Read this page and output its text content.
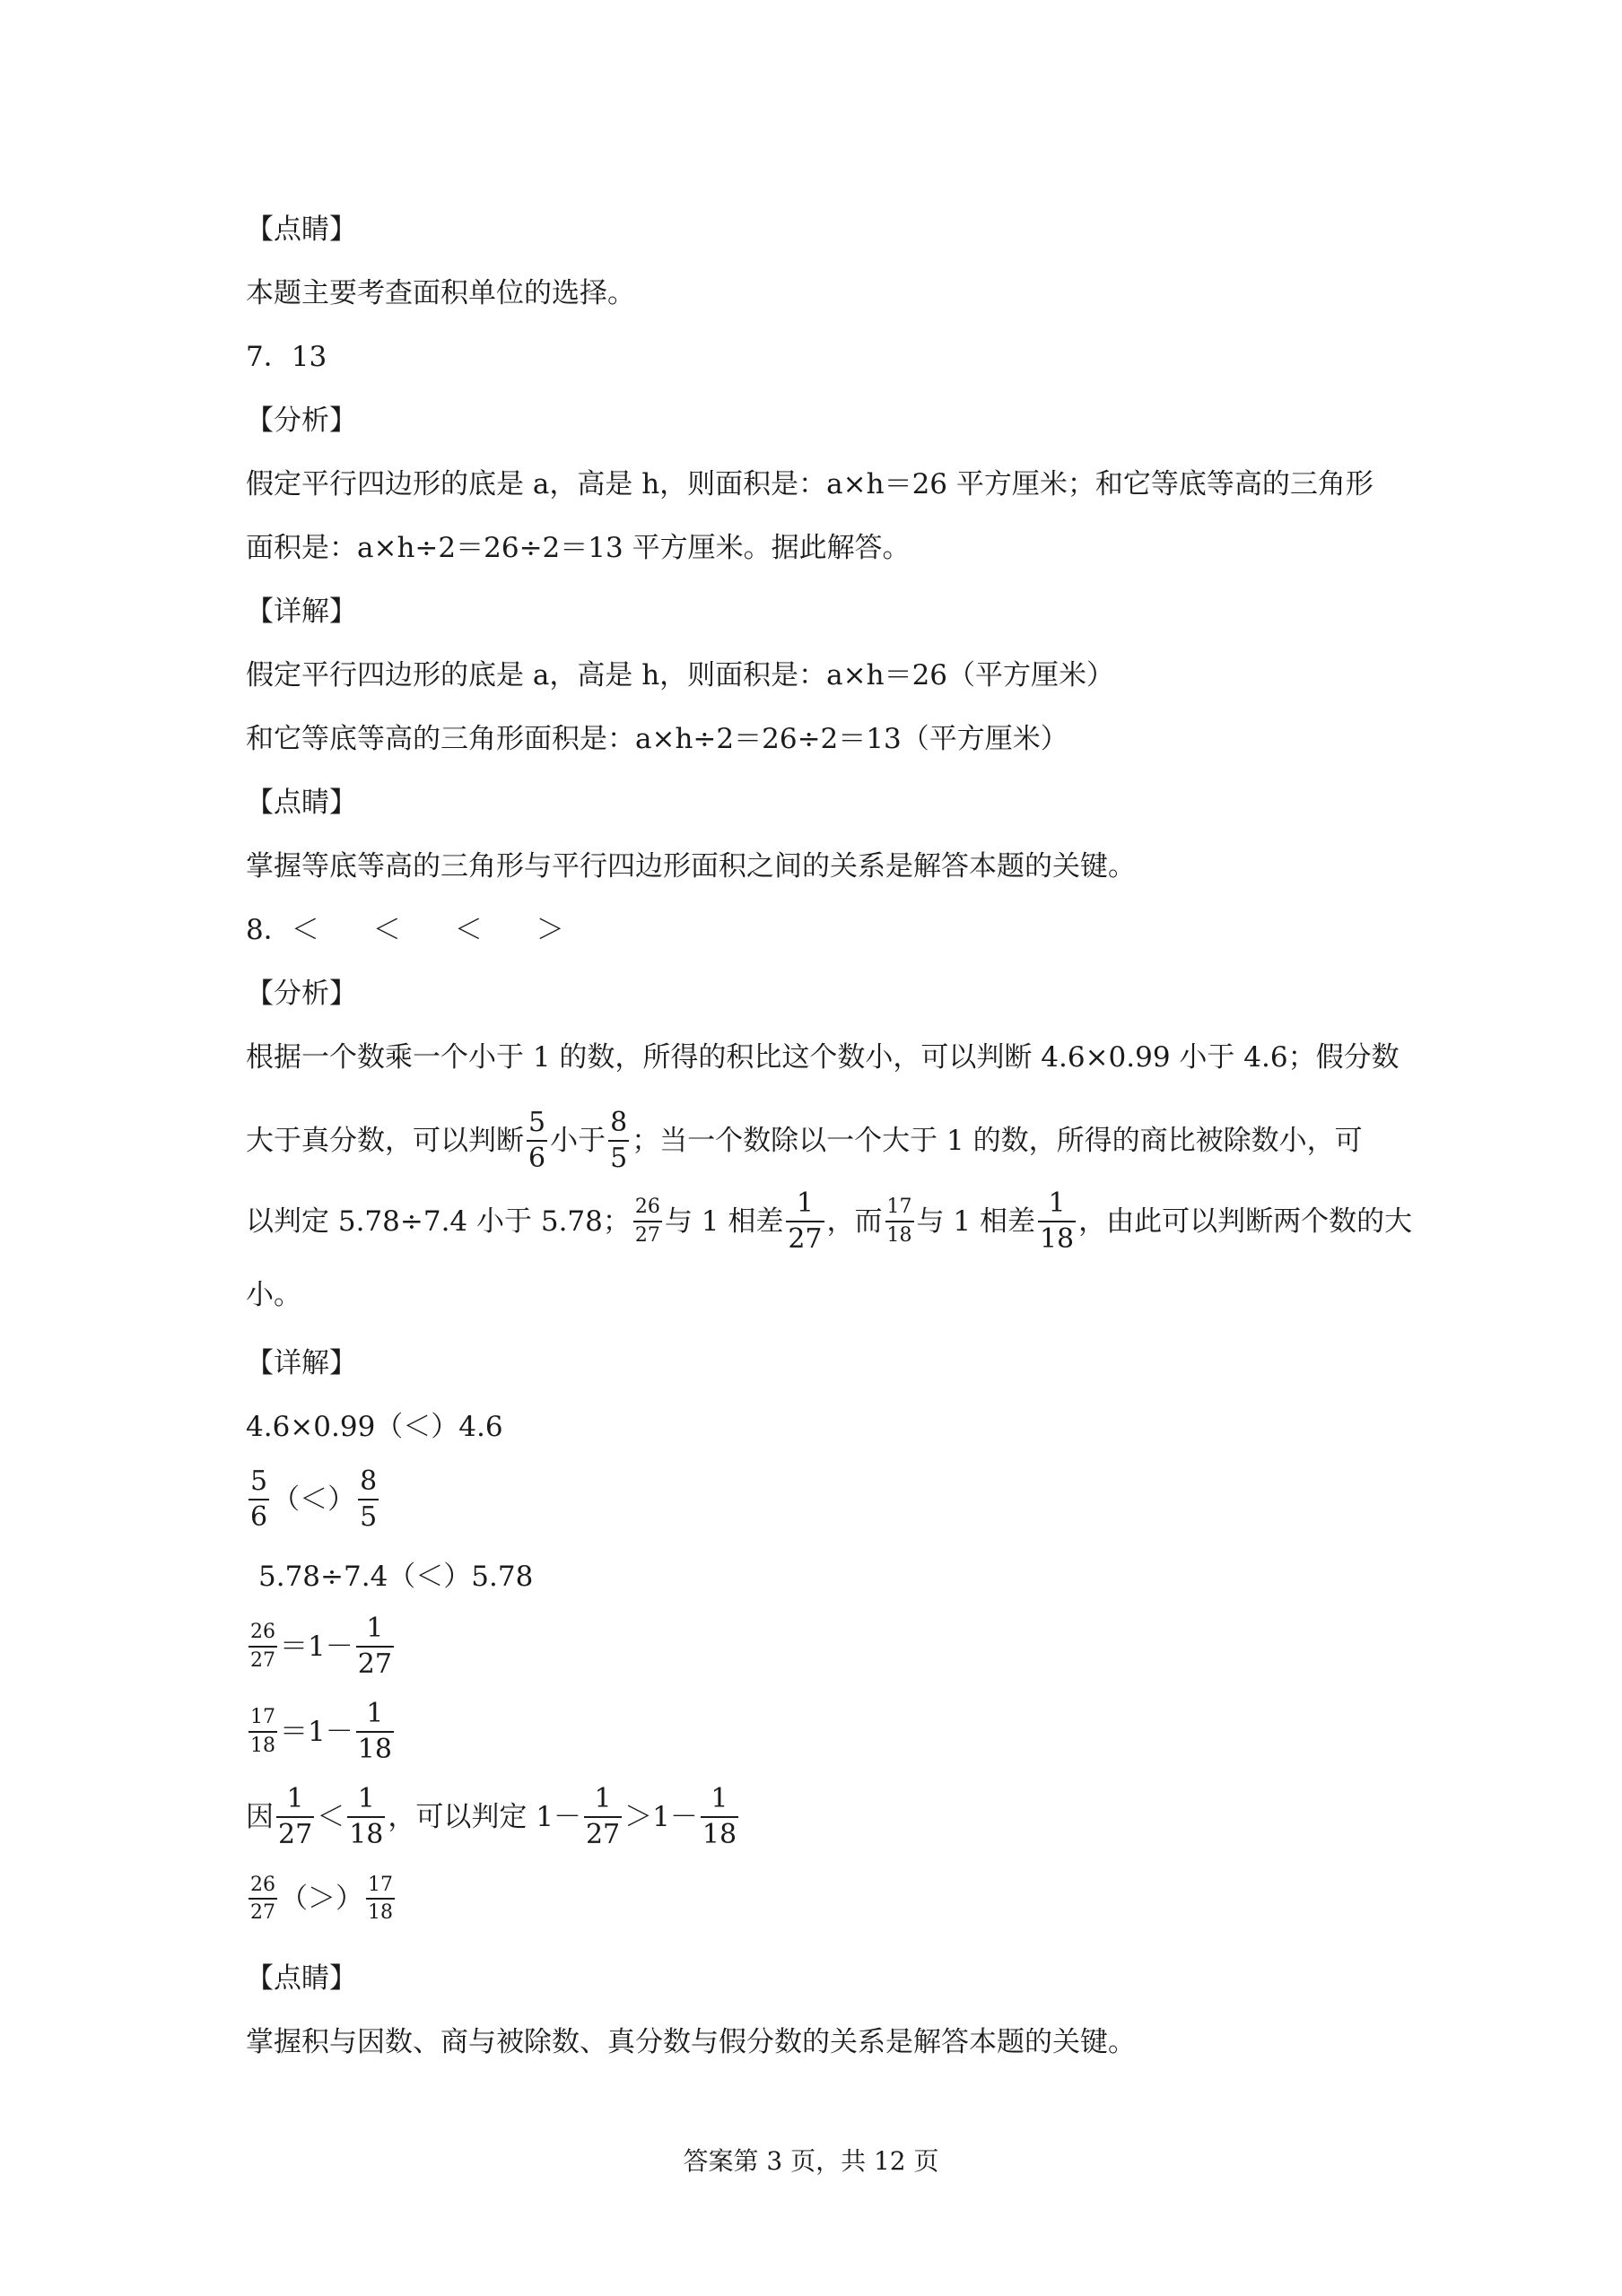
【点睛】
本题主要考查面积单位的选择。
7．13
【分析】
假定平行四边形的底是 a，高是 h，则面积是：a×h＝26 平方厘米；和它等底等高的三角形
面积是：a×h÷2＝26÷2＝13 平方厘米。据此解答。
【详解】
假定平行四边形的底是 a，高是 h，则面积是：a×h＝26（平方厘米）
和它等底等高的三角形面积是：a×h÷2＝26÷2＝13（平方厘米）
【点睛】
掌握等底等高的三角形与平行四边形面积之间的关系是解答本题的关键。
8． ＜ ＜ ＜ ＞
【分析】
根据一个数乘一个小于 1 的数，所得的积比这个数小，可以判断 4.6×0.99 小于 4.6；假分数
大于真分数，可以判断 $\frac{5}{6}$ 小于 $\frac{8}{5}$ ；当一个数除以一个大于 1 的数，所得的商比被除数小，可
以判定 5.78÷7.4 小于 5.78； $\frac{26}{27}$ 与 1 相差 $\frac{1}{27}$ ，而 $\frac{17}{18}$ 与 1 相差 $\frac{1}{18}$ ，由此可以判断两个数的大
小。
【详解】
4.6×0.99（＜）4.6
$\frac{5}{6}$ （＜） $\frac{8}{5}$
5.78÷7.4（＜）5.78
$\frac{26}{27} =1- \frac{1}{27}$
$\frac{17}{18} =1- \frac{1}{18}$
因 $\frac{1}{27} < \frac{1}{18}$ ，可以判定 $1- \frac{1}{27} >1- \frac{1}{18}$
$\frac{26}{27}$ （＞） $\frac{17}{18}$
【点睛】
掌握积与因数、商与被除数、真分数与假分数的关系是解答本题的关键。
答案第 3 页，共 12 页
